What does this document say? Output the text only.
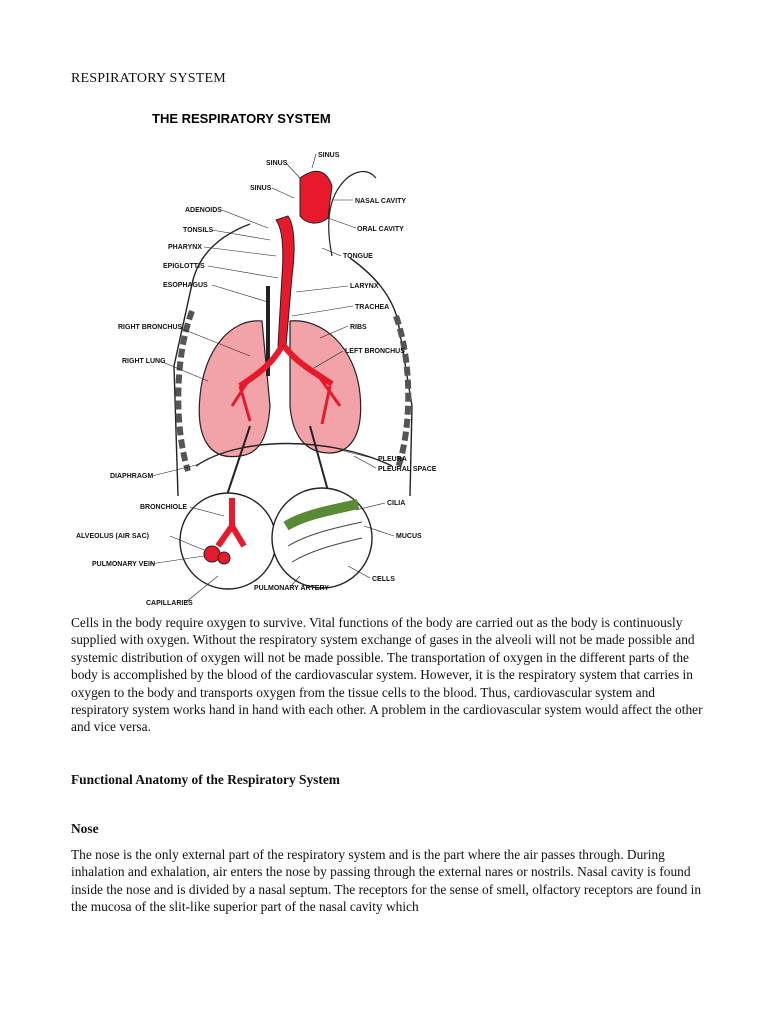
RESPIRATORY SYSTEM
THE RESPIRATORY SYSTEM
SINUS
SINUS
SINUS
NASAL CAVITY
ADENOIDS
ORAL CAVITY
TONSILS
PHARYNX
TONGUE
EPIGLOTTIS
LARYNX
ESOPHAGUS
TRACHEA
RIGHT BRONCHUS	RIBS
LEFT BRONCHUS
RIGHT LUNG
PLEURA
PLEURAL SPACE
DIAPHRAGM
BRONCHIOLE
CILIA
ALVEOLUS (AIR SAC)	MUCUS
PULMONARY VEIN
CELLS
PULMONARY ARTERY
CAPILLARIES

Cells in the body require oxygen to survive. Vital functions of the body are carried out as the body is continuously supplied with oxygen. Without the respiratory system exchange of gases in the alveoli will not be made possible and systemic distribution of oxygen will not be made possible. The transportation of oxygen in the different parts of the body is accomplished by the blood of the cardiovascular system. However, it is the respiratory system that carries in oxygen to the body and transports oxygen from the tissue cells to the blood. Thus, cardiovascular system and respiratory system works hand in hand with each other. A problem in the cardiovascular system would affect the other and vice versa.

Functional Anatomy of the Respiratory System

Nose

The nose is the only external part of the respiratory system and is the part where the air passes through. During inhalation and exhalation, air enters the nose by passing through the external nares or nostrils. Nasal cavity is found inside the nose and is divided by a nasal septum. The receptors for the sense of smell, olfactory receptors are found in the mucosa of the slit-like superior part of the nasal cavity which
